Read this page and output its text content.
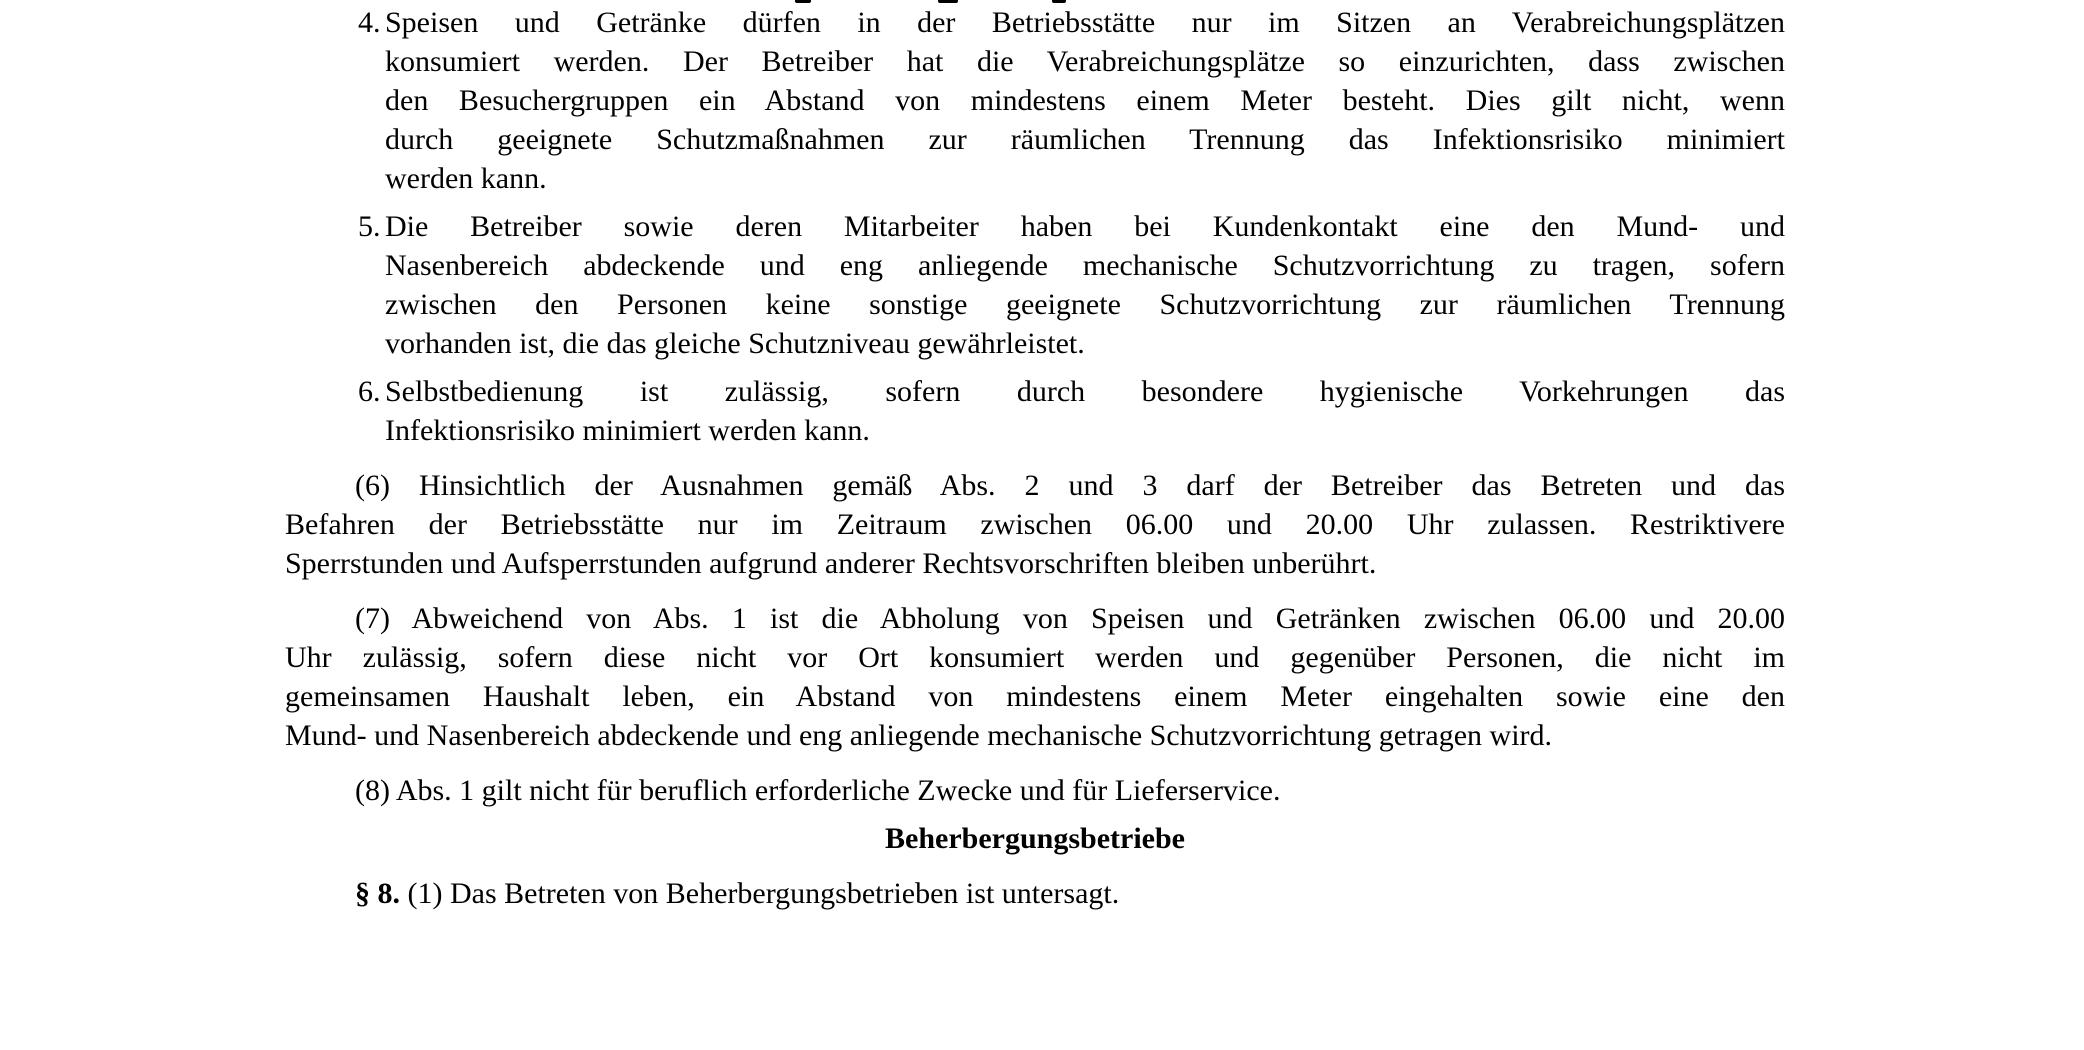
4. Speisen und Getränke dürfen in der Betriebsstätte nur im Sitzen an Verabreichungsplätzen
konsumiert werden. Der Betreiber hat die Verabreichungsplätze so einzurichten, dass zwischen
den Besuchergruppen ein Abstand von mindestens einem Meter besteht. Dies gilt nicht, wenn
durch geeignete Schutzmaßnahmen zur räumlichen Trennung das Infektionsrisiko minimiert
werden kann.
5. Die Betreiber sowie deren Mitarbeiter haben bei Kundenkontakt eine den Mund- und
Nasenbereich abdeckende und eng anliegende mechanische Schutzvorrichtung zu tragen, sofern
zwischen den Personen keine sonstige geeignete Schutzvorrichtung zur räumlichen Trennung
vorhanden ist, die das gleiche Schutzniveau gewährleistet.
6. Selbstbedienung ist zulässig, sofern durch besondere hygienische Vorkehrungen das
Infektionsrisiko minimiert werden kann.
(6) Hinsichtlich der Ausnahmen gemäß Abs. 2 und 3 darf der Betreiber das Betreten und das
Befahren der Betriebsstätte nur im Zeitraum zwischen 06.00 und 20.00 Uhr zulassen. Restriktivere
Sperrstunden und Aufsperrstunden aufgrund anderer Rechtsvorschriften bleiben unberührt.
(7) Abweichend von Abs. 1 ist die Abholung von Speisen und Getränken zwischen 06.00 und 20.00
Uhr zulässig, sofern diese nicht vor Ort konsumiert werden und gegenüber Personen, die nicht im
gemeinsamen Haushalt leben, ein Abstand von mindestens einem Meter eingehalten sowie eine den
Mund- und Nasenbereich abdeckende und eng anliegende mechanische Schutzvorrichtung getragen wird.
(8) Abs. 1 gilt nicht für beruflich erforderliche Zwecke und für Lieferservice.
Beherbergungsbetriebe
§ 8. (1) Das Betreten von Beherbergungsbetrieben ist untersagt.
